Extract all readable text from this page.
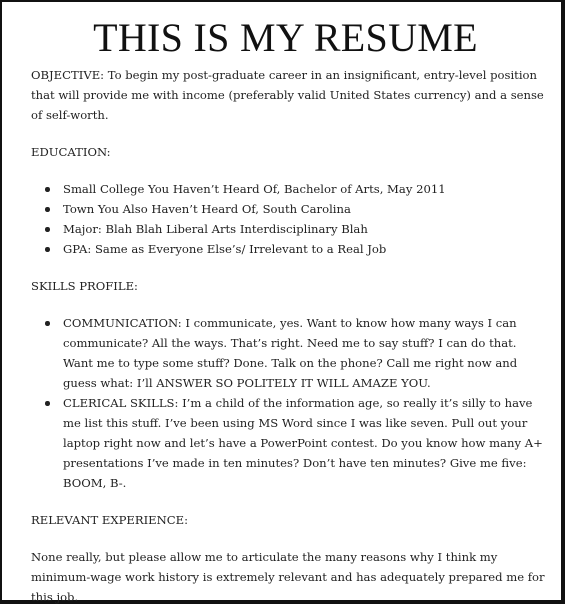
THIS IS MY RESUME

OBJECTIVE: To begin my post-graduate career in an insignificant, entry-level position that will provide me with income (preferably valid United States currency) and a sense of self-worth.

EDUCATION:

Small College You Haven’t Heard Of, Bachelor of Arts, May 2011
Town You Also Haven’t Heard Of, South Carolina
Major: Blah Blah Liberal Arts Interdisciplinary Blah
GPA: Same as Everyone Else’s/ Irrelevant to a Real Job

SKILLS PROFILE:

COMMUNICATION: I communicate, yes. Want to know how many ways I can communicate? All the ways. That’s right. Need me to say stuff? I can do that. Want me to type some stuff? Done. Talk on the phone? Call me right now and guess what: I’ll ANSWER SO POLITELY IT WILL AMAZE YOU.
CLERICAL SKILLS: I’m a child of the information age, so really it’s silly to have me list this stuff. I’ve been using MS Word since I was like seven. Pull out your laptop right now and let’s have a PowerPoint contest. Do you know how many A+ presentations I’ve made in ten minutes? Don’t have ten minutes? Give me five: BOOM, B-.

RELEVANT EXPERIENCE:

None really, but please allow me to articulate the many reasons why I think my minimum-wage work history is extremely relevant and has adequately prepared me for this job.
